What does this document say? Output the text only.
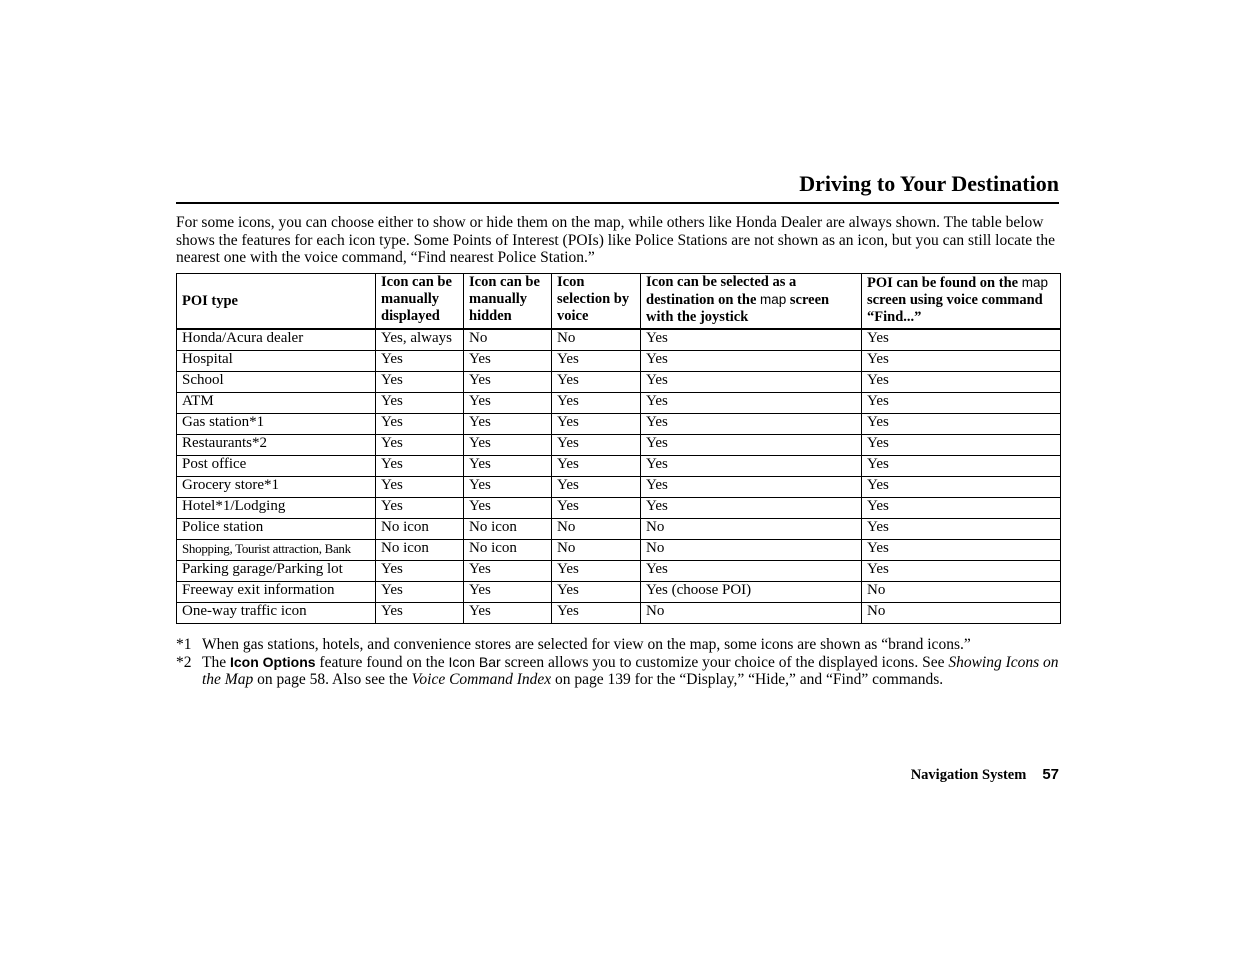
Driving to Your Destination

For some icons, you can choose either to show or hide them on the map, while others like Honda Dealer are always shown. The table below shows the features for each icon type. Some Points of Interest (POIs) like Police Stations are not shown as an icon, but you can still locate the nearest one with the voice command, “Find nearest Police Station.”

POI type	Icon can be manually displayed	Icon can be manually hidden	Icon selection by voice	Icon can be selected as a destination on the map screen with the joystick	POI can be found on the map screen using voice command “Find...”
Honda/Acura dealer	Yes, always	No	No	Yes	Yes
Hospital	Yes	Yes	Yes	Yes	Yes
School	Yes	Yes	Yes	Yes	Yes
ATM	Yes	Yes	Yes	Yes	Yes
Gas station*1	Yes	Yes	Yes	Yes	Yes
Restaurants*2	Yes	Yes	Yes	Yes	Yes
Post office	Yes	Yes	Yes	Yes	Yes
Grocery store*1	Yes	Yes	Yes	Yes	Yes
Hotel*1/Lodging	Yes	Yes	Yes	Yes	Yes
Police station	No icon	No icon	No	No	Yes
Shopping, Tourist attraction, Bank	No icon	No icon	No	No	Yes
Parking garage/Parking lot	Yes	Yes	Yes	Yes	Yes
Freeway exit information	Yes	Yes	Yes	Yes (choose POI)	No
One-way traffic icon	Yes	Yes	Yes	No	No
*1 When gas stations, hotels, and convenience stores are selected for view on the map, some icons are shown as “brand icons.”
*2 The Icon Options feature found on the Icon Bar screen allows you to customize your choice of the displayed icons. See Showing Icons on the Map on page 58. Also see the Voice Command Index on page 139 for the “Display,” “Hide,” and “Find” commands.
Navigation System 57
